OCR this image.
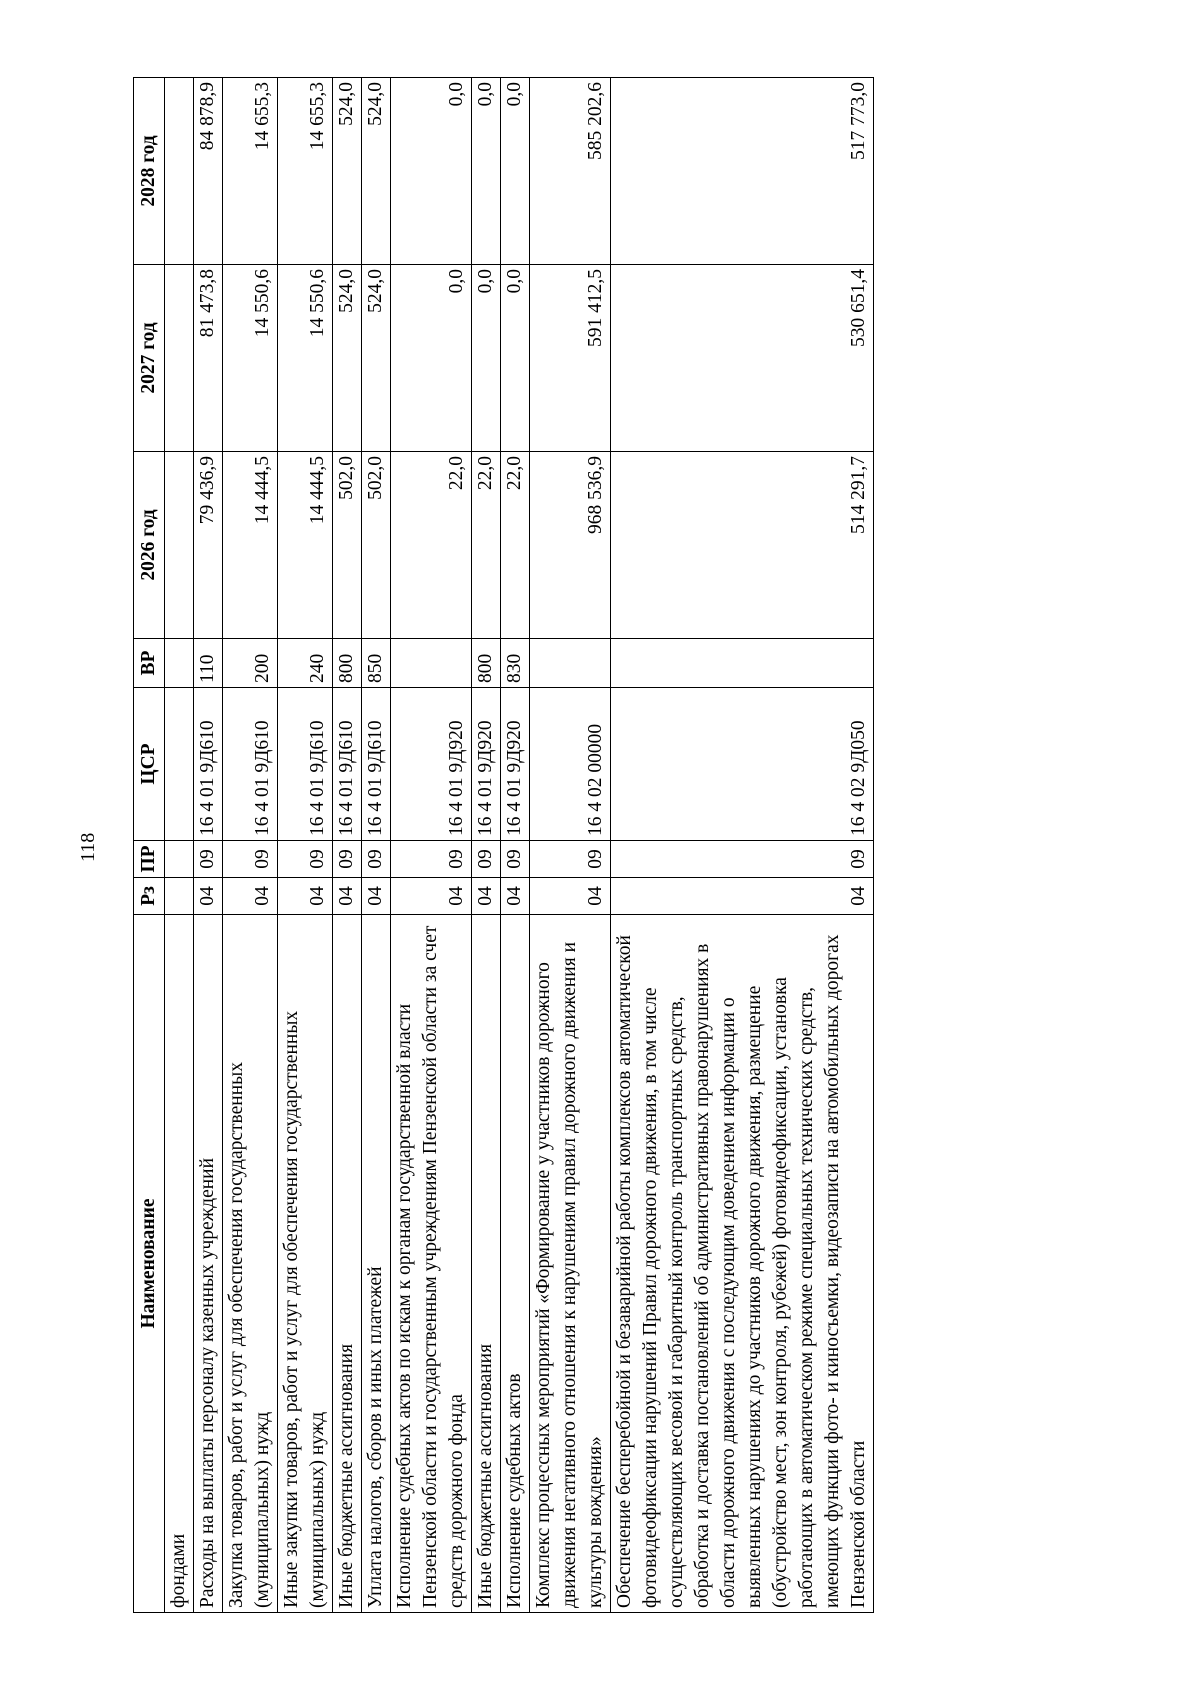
118
Наименование	Рз	ПР	ЦСР	ВР	2026 год	2027 год	2028 год
фондами							
Расходы на выплаты персоналу казенных учреждений	04	09	16 4 01 9Д610	110	79 436,9	81 473,8	84 878,9
Закупка товаров, работ и услуг для обеспечения государственных (муниципальных) нужд	04	09	16 4 01 9Д610	200	14 444,5	14 550,6	14 655,3
Иные закупки товаров, работ и услуг для обеспечения государственных (муниципальных) нужд	04	09	16 4 01 9Д610	240	14 444,5	14 550,6	14 655,3
Иные бюджетные ассигнования	04	09	16 4 01 9Д610	800	502,0	524,0	524,0
Уплата налогов, сборов и иных платежей	04	09	16 4 01 9Д610	850	502,0	524,0	524,0
Исполнение судебных актов по искам к органам государственной власти Пензенской области и государственным учреждениям Пензенской области за счет средств дорожного фонда	04	09	16 4 01 9Д920		22,0	0,0	0,0
Иные бюджетные ассигнования	04	09	16 4 01 9Д920	800	22,0	0,0	0,0
Исполнение судебных актов	04	09	16 4 01 9Д920	830	22,0	0,0	0,0
Комплекс процессных мероприятий «Формирование у участников дорожного движения негативного отношения к нарушениям правил дорожного движения и культуры вождения»	04	09	16 4 02 00000		968 536,9	591 412,5	585 202,6
Обеспечение бесперебойной и безаварийной работы комплексов автоматической фотовидеофиксации нарушений Правил дорожного движения, в том числе осуществляющих весовой и габаритный контроль транспортных средств, обработка и доставка постановлений об административных правонарушениях в области дорожного движения с последующим доведением информации о выявленных нарушениях до участников дорожного движения, размещение (обустройство мест, зон контроля, рубежей) фотовидеофиксации, установка работающих в автоматическом режиме специальных технических средств, имеющих функции фото- и киносъемки, видеозаписи на автомобильных дорогах Пензенской области	04	09	16 4 02 9Д050		514 291,7	530 651,4	517 773,0
